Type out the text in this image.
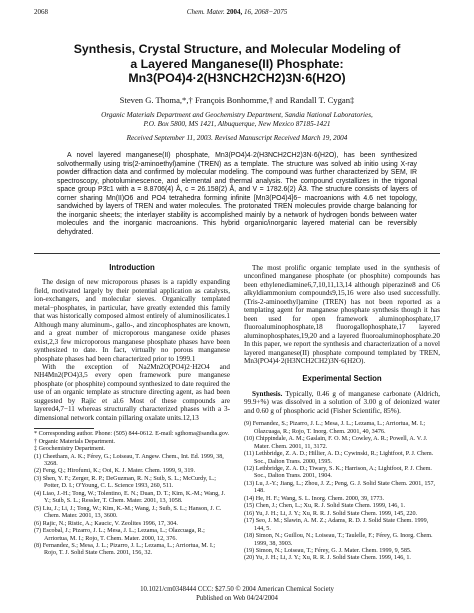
2068	Chem. Mater. 2004, 16, 2068−2075
Synthesis, Crystal Structure, and Molecular Modeling of
a Layered Manganese(II) Phosphate:
Mn3(PO4)4·2(H3NCH2CH2)3N·6(H2O)
Steven G. Thoma,*,† François Bonhomme,† and Randall T. Cygan‡
Organic Materials Department and Geochemistry Department, Sandia National Laboratories,
P.O. Box 5800, MS 1421, Albuquerque, New Mexico 87185-1421
Received September 11, 2003. Revised Manuscript Received March 19, 2004

A novel layered manganese(II) phosphate, Mn3(PO4)4·2(H3NCH2CH2)3N·6(H2O), has been synthesized solvothermally using tris(2-aminoethyl)amine (TREN) as a template. The structure was solved ab initio using X-ray powder diffraction data and confirmed by molecular modeling. The compound was further characterized by SEM, IR spectroscopy, photoluminescence, and elemental and thermal analysis. The compound crystallizes in the trigonal space group P3̄c1 with a = 8.8706(4) Å, c = 26.158(2) Å, and V = 1782.6(2) Å3. The structure consists of layers of corner sharing Mn(II)O6 and PO4 tetrahedra forming infinite [Mn3(PO4)4]6− macroanions with 4.6 net topology, sandwiched by layers of TREN and water molecules. The protonated TREN molecules provide charge balancing for the inorganic sheets; the interlayer stability is accomplished mainly by a network of hydrogen bonds between water molecules and the inorganic macroanions. This hybrid organic/inorganic layered material can be reversibly dehydrated.

Introduction

The design of new microporous phases is a rapidly expanding field, motivated largely by their potential application as catalysts, ion-exchangers, and molecular sieves. Organically templated metal−phosphates, in particular, have greatly extended this family that was historically composed almost entirely of aluminosilicates.1 Although many aluminum-, gallo-, and zincophosphates are known, and a great number of microporous manganese oxide phases exist,2,3 few microporous manganese phosphate phases have been synthesized to date. In fact, virtually no porous manganese phosphate phases had been characterized prior to 1999.1

With the exception of Na2Mn2O(PO4)2·H2O4 and NH4Mn2(PO4)3,5 every open framework pure manganese phosphate (or phosphite) compound synthesized to date required the use of an organic template as structure directing agent, as had been suggested by Rajic et al.6 Most of these compounds are layered4,7−11 whereas structurally characterized phases with a 3-dimensional network contain pillaring oxalate units.12,13

* Corresponding author. Phone: (505) 844-0612. E-mail: sgthoma@sandia.gov.
† Organic Materials Department.
‡ Geochemistry Department.
(1) Cheetham, A. K.; Férey, G.; Loiseau, T. Angew. Chem., Int. Ed. 1999, 38, 3268.
(2) Feng, Q.; Hirofumi, K.; Ooi, K. J. Mater. Chem. 1999, 9, 319.
(3) Shen, Y. F.; Zerger, R. P.; DeGuzman, R. N.; Suib, S. L.; McCurdy, L.; Potter, D. I.; O'Young, C. L. Science 1993, 260, 511.
(4) Liao, J.-H.; Tong, W.; Tolentino, E. N.; Duan, D. T.; Kim, K.-M.; Wang, J. Y.; Suib, S. L.; Ressler, T. Chem. Mater. 2001, 13, 1058.
(5) Liu, J.; Li, J.; Tong, W.; Kim, K.-M.; Wang, J.; Suib, S. L.; Hanson, J. C. Chem. Mater. 2001, 13, 3600.
(6) Rajic, N.; Ristic, A.; Kaucic, V. Zeolites 1996, 17, 304.
(7) Escobal, J.; Pizarro, J. L.; Mesa, J. L.; Lezama, L.; Olazcuaga, R.; Arriortua, M. I.; Rojo, T. Chem. Mater. 2000, 12, 376.
(8) Fernandez, S.; Mesa, J. L.; Pizarro, J. L.; Lezama, L.; Arriortua, M. I.; Rojo, T. J. Solid State Chem. 2001, 156, 32.

The most prolific organic template used in the synthesis of unconfined manganese phosphate (or phosphite) compounds has been ethylenediamine6,7,10,11,13,14 although piperazine8 and C6 alkyldiammonium compounds9,15,16 were also used successfully. (Tris-2-aminoethyl)amine (TREN) has not been reported as a templating agent for manganese phosphate synthesis though it has been used for open framework aluminophosphate,17 fluoroaluminophosphate,18 fluorogallophosphate,17 layered aluminophosphates,19,20 and a layered fluoroaluminophosphate.20 In this paper, we report the synthesis and characterization of a novel layered manganese(II) phosphate compound templated by TREN, Mn3(PO4)4·2(H3NCH2CH2)3N·6(H2O).

Experimental Section

Synthesis. Typically, 0.46 g of manganese carbonate (Aldrich, 99.9+%) was dissolved in a solution of 3.00 g of deionized water and 0.60 g of phosphoric acid (Fisher Scientific, 85%).

(9) Fernandez, S.; Pizarro, J. L.; Mesa, J. L.; Lezama, L.; Arriortua, M. I.; Olazcuaga, R.; Rojo, T. Inorg. Chem. 2001, 40, 3476.
(10) Chippindale, A. M.; Gaslain, F. O. M.; Cowley, A. R.; Powell, A. V. J. Mater. Chem. 2001, 11, 3172.
(11) Lethbridge, Z. A. D.; Hillier, A. D.; Cywinski, R.; Lightfoot, P. J. Chem. Soc., Dalton Trans. 2000, 1595.
(12) Lethbridge, Z. A. D.; Tiwary, S. K.; Harrison, A.; Lightfoot, P. J. Chem. Soc., Dalton Trans. 2001, 1904.
(13) Lu, J.-Y.; Jiang, L.; Zhou, J. Z.; Peng, G. J. Solid State Chem. 2001, 157, 148.
(14) He, H. F.; Wang, S. L. Inorg. Chem. 2000, 39, 1773.
(15) Chen, J.; Chen, L.; Xu, R. J. Solid State Chem. 1999, 146, 1.
(16) Yu, J. H.; Li, J. Y.; Xu, R. R. J. Solid State Chem. 1999, 145, 220.
(17) Seo, J. M.; Slawin, A. M. Z.; Adams, R. D. J. Solid State Chem. 1999, 144, 5.
(18) Simon, N.; Guillou, N.; Loiseau, T.; Taulelle, F.; Férey, G. Inorg. Chem. 1999, 38, 3903.
(19) Simon, N.; Loiseau, T.; Férey, G. J. Mater. Chem. 1999, 9, 585.
(20) Yu, J. H.; Li, J. Y.; Xu, R. R. J. Solid State Chem. 1999, 146, 1.
10.1021/cm0348444 CCC: $27.50 © 2004 American Chemical Society
Published on Web 04/24/2004
